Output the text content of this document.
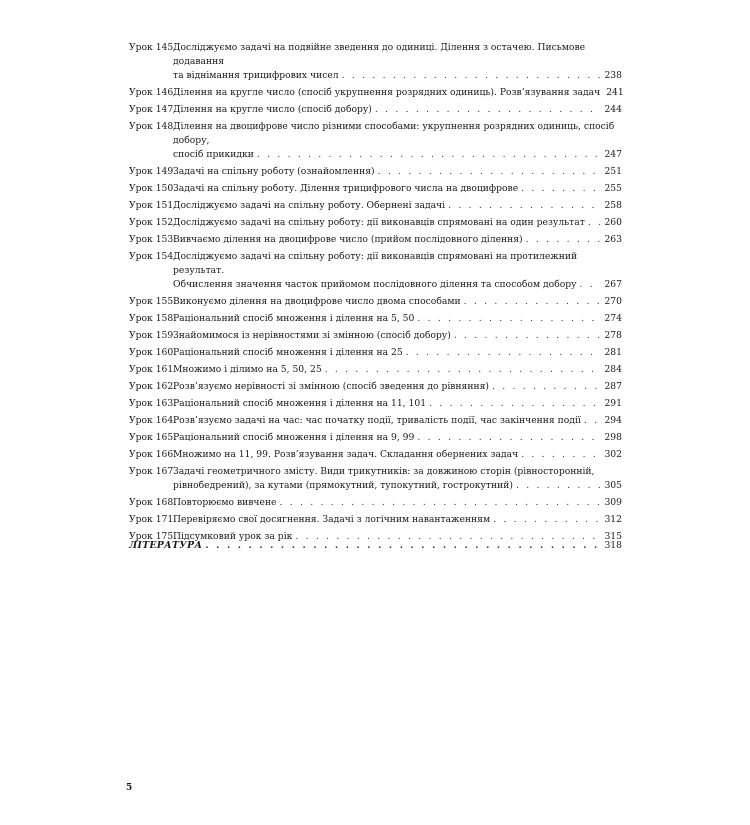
Урок 145.
Досліджуємо задачі на подвійне зведення до одиниці. Ділення з остачею. Письмове додавання
та віднімання трицифрових чисел . . .	238
Урок 146.
Ділення на кругле число (спосіб укрупнення розрядних одиниць). Розв’язування задач 241
Урок 147.
Ділення на кругле число (спосіб добору) . . .	244
Урок 148.
Ділення на двоцифрове число різними способами: укрупнення розрядних одиниць, спосіб добору,
спосіб прикидки . . .	247
Урок 149.
Задачі на спільну роботу (ознайомлення) . . .	251
Урок 150.
Задачі на спільну роботу. Ділення трицифрового числа на двоцифрове . . .	255
Урок 151.
Досліджуємо задачі на спільну роботу. Обернені задачі . . .	258
Урок 152.
Досліджуємо задачі на спільну роботу: дії виконавців спрямовані на один результат . . . 260
Урок 153.
Вивчаємо ділення на двоцифрове число (прийом послідовного ділення) . . .	263
Урок 154.
Досліджуємо задачі на спільну роботу: дії виконавців спрямовані на протилежний результат.
Обчислення значення часток прийомом послідовного ділення та способом добору . . .	267
Урок 155.
Виконуємо ділення на двоцифрове число двома способами . . .	270
Урок 158.
Раціональний спосіб множення і ділення на 5, 50 . . .	274
Урок 159.
Знайомимося із нерівностями зі змінною (спосіб добору) . . .	278
Урок 160.
Раціональний спосіб множення і ділення на 25 . . .	281
Урок 161.
Множимо і ділимо на 5, 50, 25 . . .	284
Урок 162.
Розв’язуємо нерівності зі змінною (спосіб зведення до рівняння) . . .	287
Урок 163.
Раціональний спосіб множення і ділення на 11, 101 . . .	291
Урок 164.
Розв’язуємо задачі на час: час початку події, тривалість події, час закінчення події . . .	294
Урок 165.
Раціональний спосіб множення і ділення на 9, 99 . . .	298
Урок 166.
Множимо на 11, 99. Розв’язування задач. Складання обернених задач . . .	302
Урок 167.
Задачі геометричного змісту. Види трикутників: за довжиною сторін (рівносторонній,
рівнобедрений), за кутами (прямокутний, тупокутний, гострокутний) . . .	305
Урок 168.
Повторюємо вивчене . . .	309
Урок 171.
Перевіряємо свої досягнення. Задачі з логічним навантаженням . . .	312
Урок 175.
Підсумковий урок за рік . . .	315
ЛІТЕРАТУРА . . .	318
5
